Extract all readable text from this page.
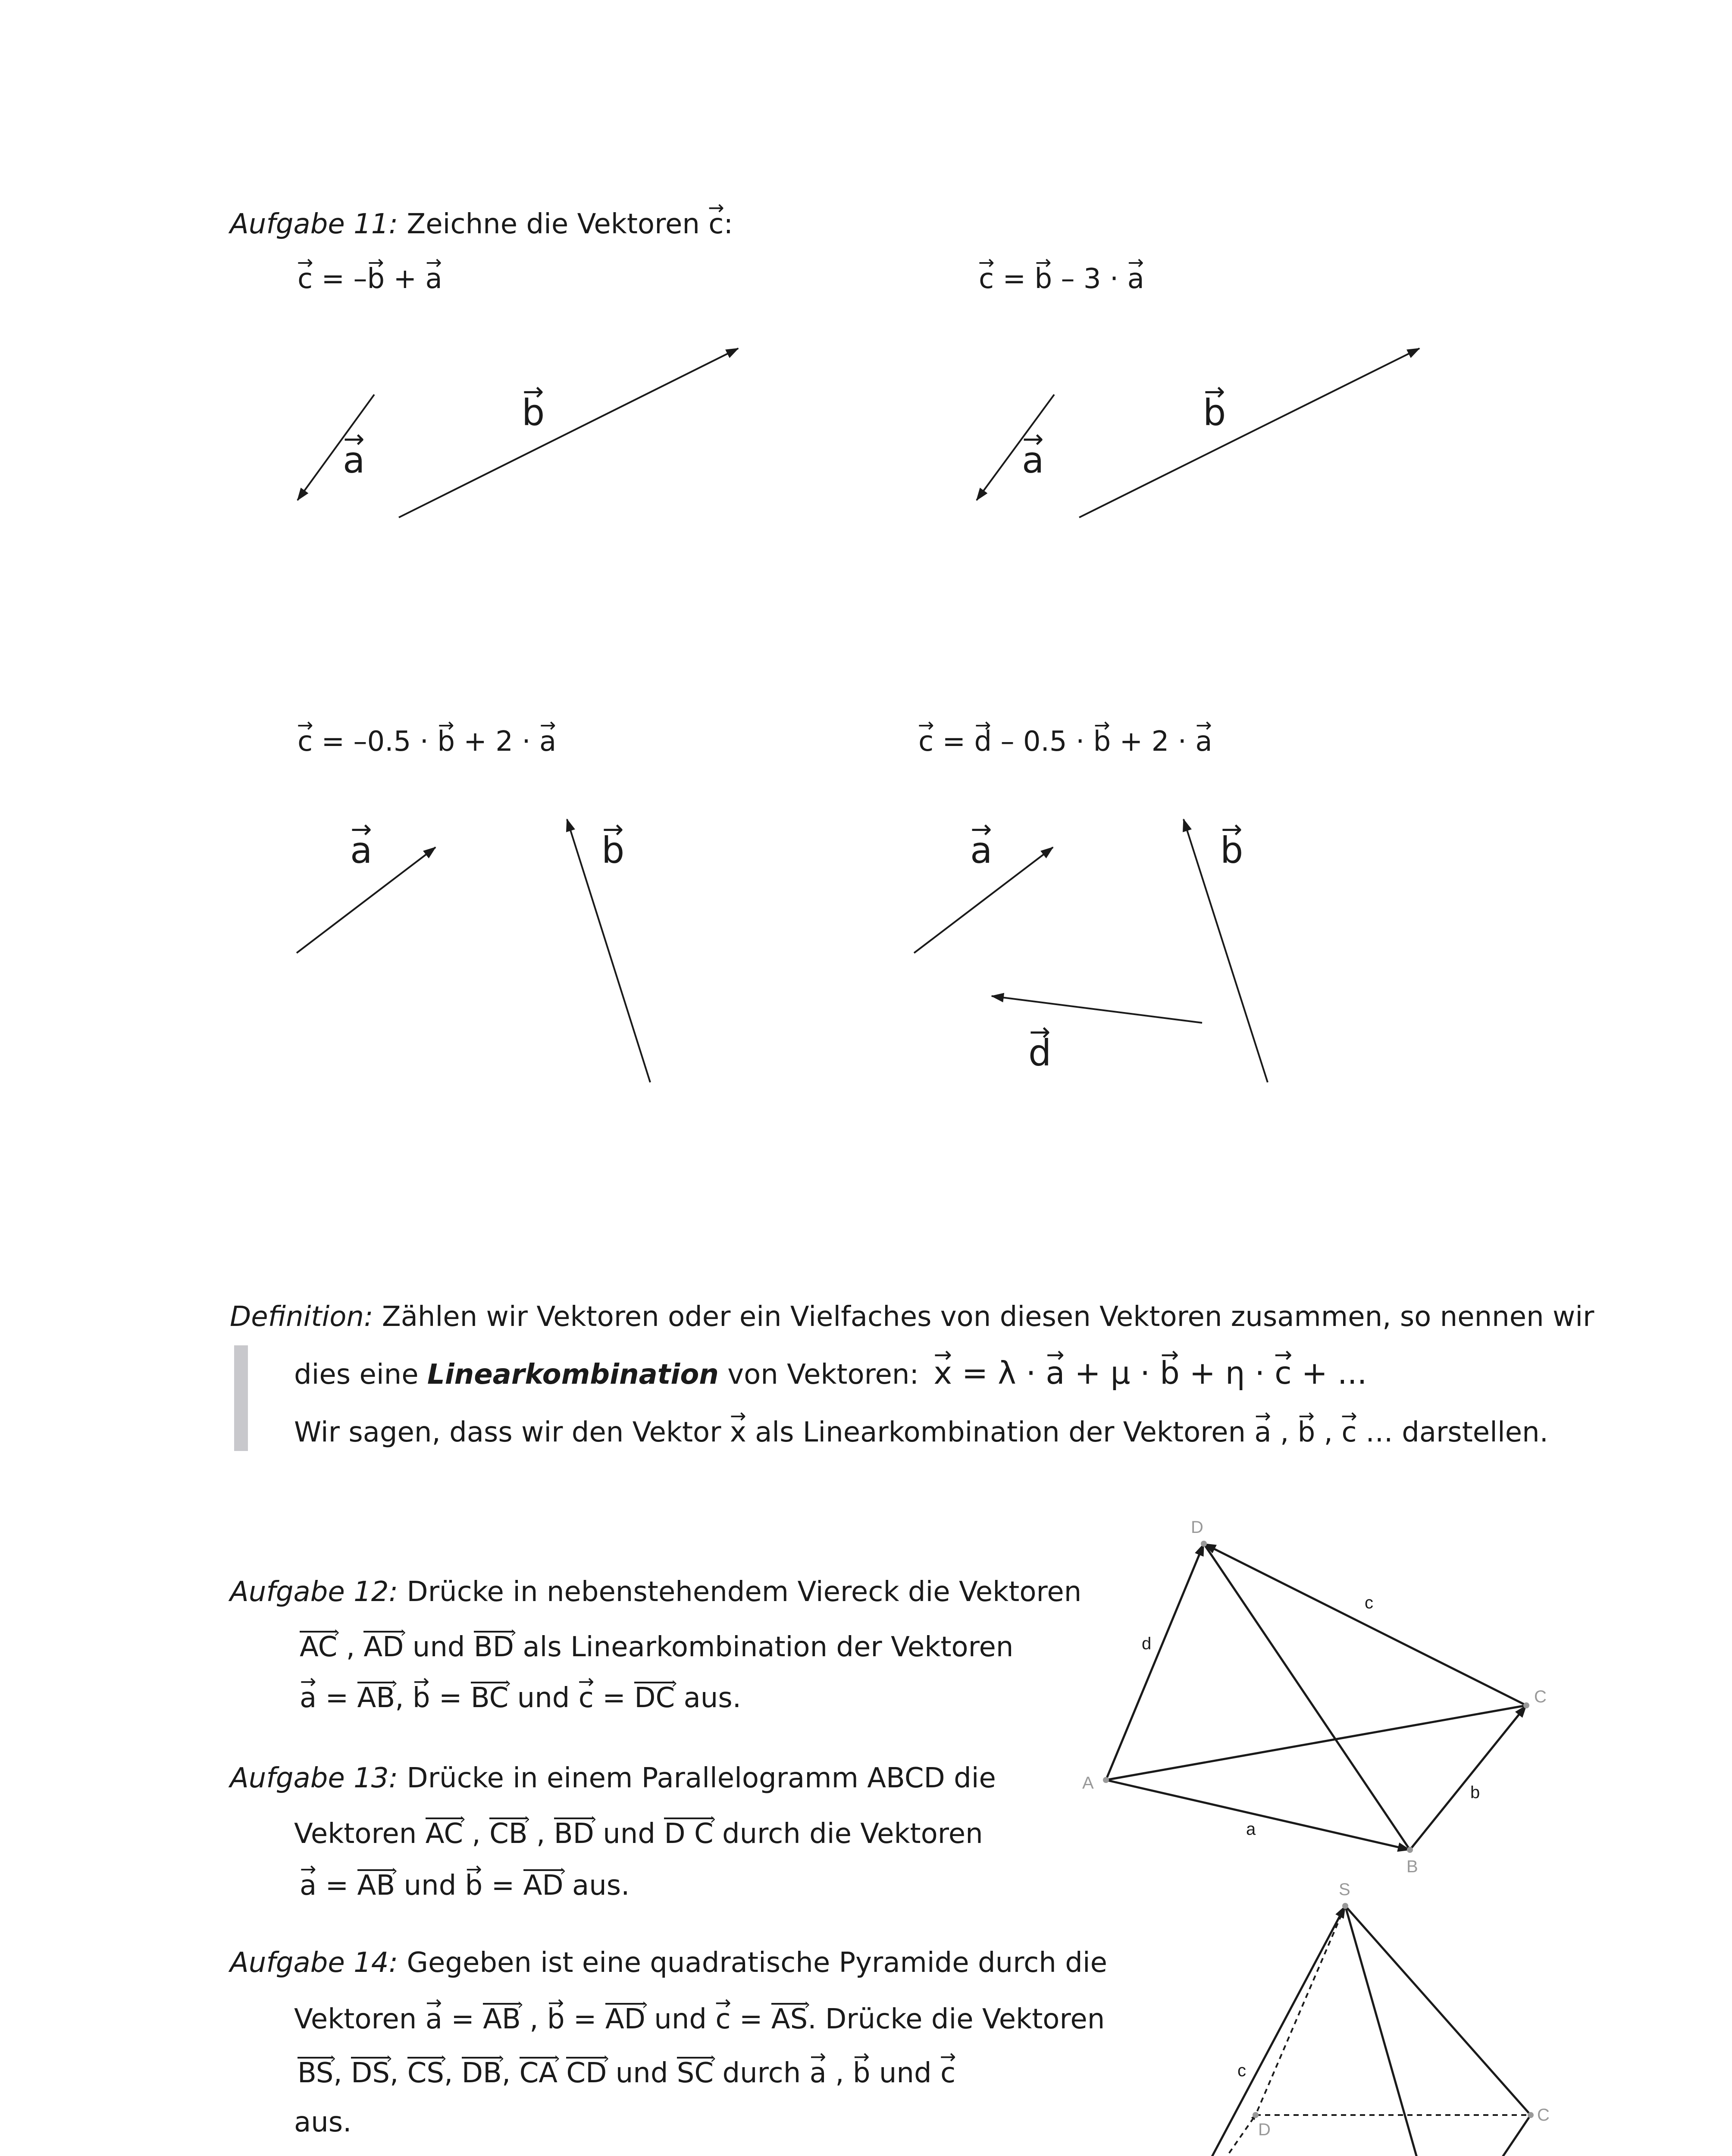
Aufgabe 11: Zeichne die Vektoren → c:
→ c = –→ b + → a	→ c = → b – 3 · → a
→ c = –0.5 · → b + 2 · → a	→ c = → d – 0.5 · → b + 2 · → a
→ b
→ a
→ b
→ a
→ a	→ b	→ a	→ b
→ d
A
B
C
D
a
b
c
d
S
C
D
c
Definition: Zählen wir Vektoren oder ein Vielfaches von diesen Vektoren zusammen, so nennen wir
dies eine Linearkombination von Vektoren: → x = λ · → a + μ · → b + η · → c + ...
Wir sagen, dass wir den Vektor → x als Linearkombination der Vektoren → a , → b , → c … darstellen.
Aufgabe 12: Drücke in nebenstehendem Viereck die Vektoren
AC › , AD › und BD › als Linearkombination der Vektoren
→ a = AB ›, → b = BC › und → c = DC › aus.
Aufgabe 13: Drücke in einem Parallelogramm ABCD die
Vektoren AC › , CB › , BD › und D C › durch die Vektoren
→ a = AB › und → b = AD › aus.
Aufgabe 14: Gegeben ist eine quadratische Pyramide durch die
Vektoren → a = AB › , → b = AD › und → c = AS ›. Drücke die Vektoren
BS ›, DS ›, CS ›, DB ›, CA › CD › und SC › durch → a , → b und → c
aus.
